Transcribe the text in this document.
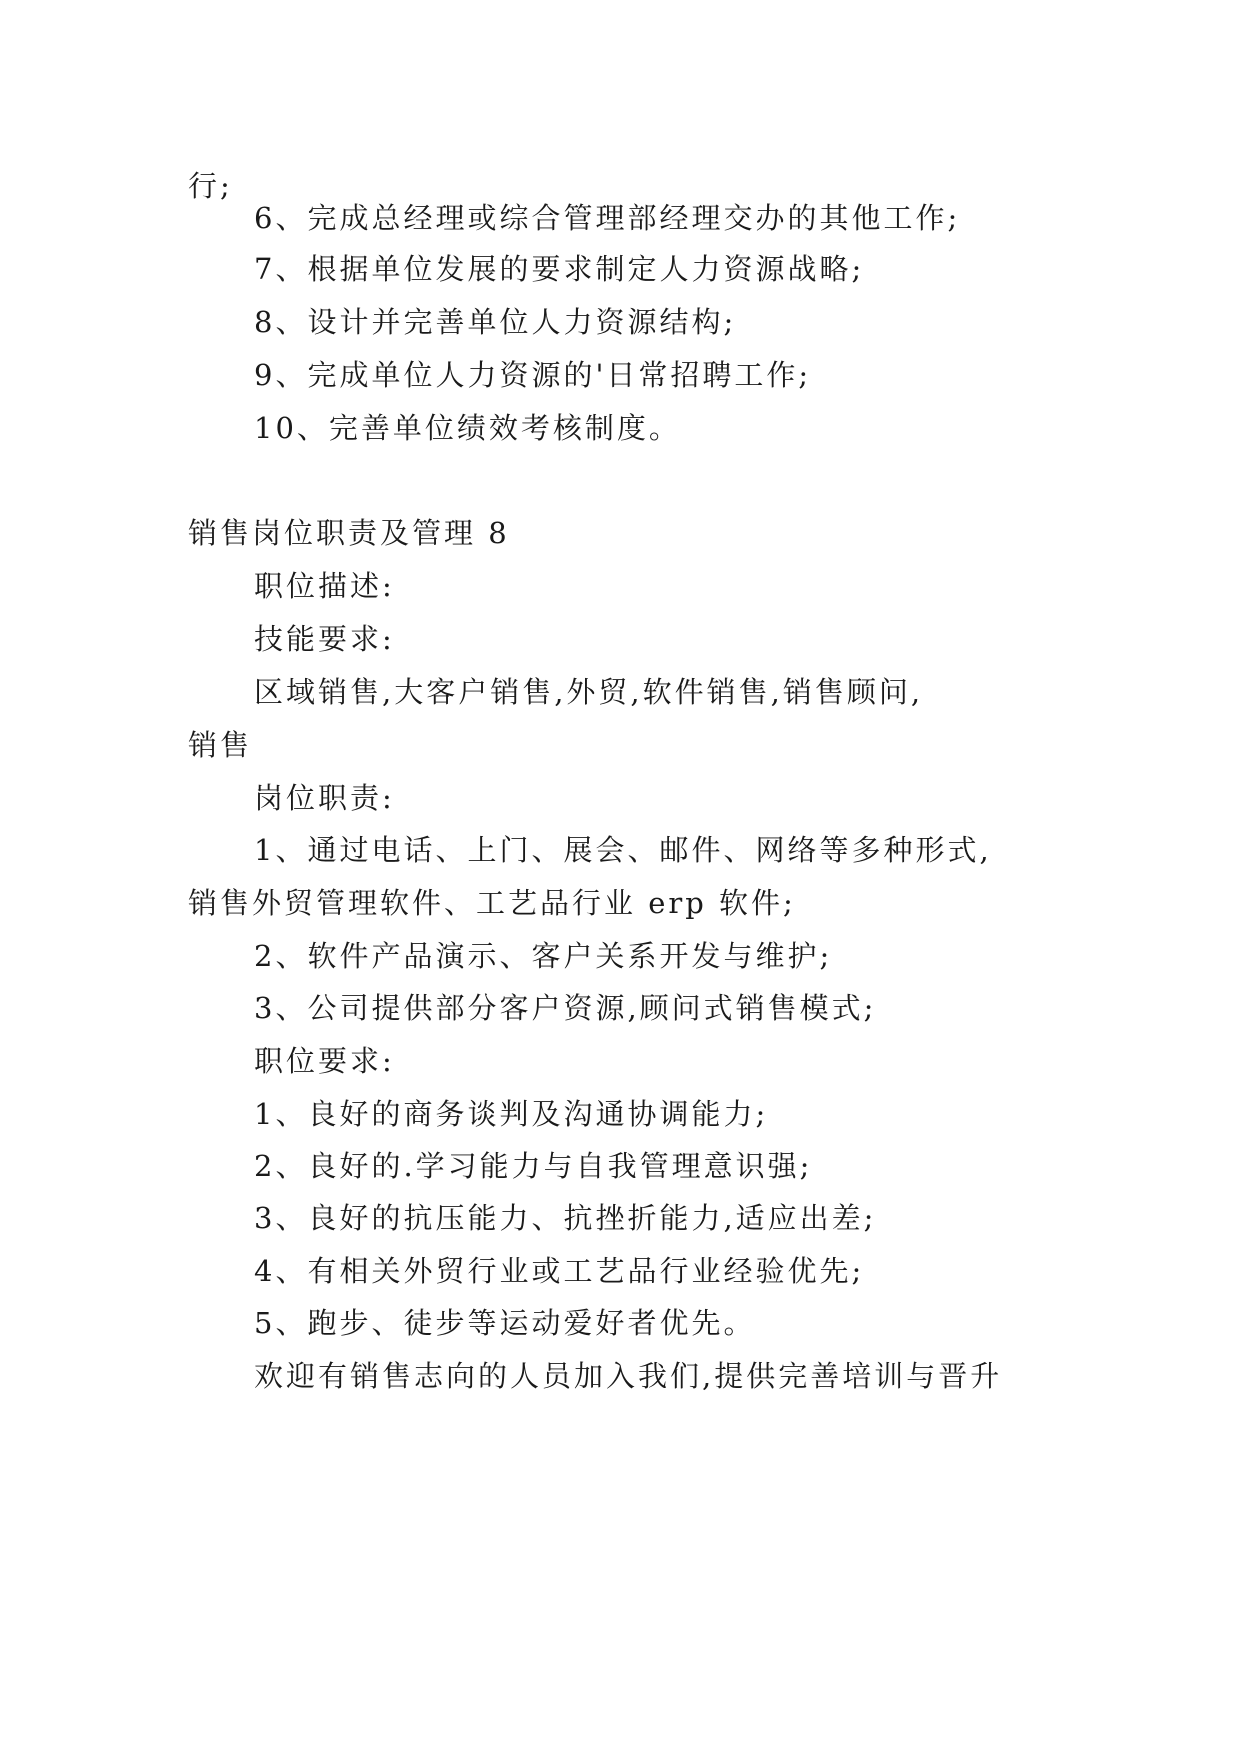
行;
6、完成总经理或综合管理部经理交办的其他工作;
7、根据单位发展的要求制定人力资源战略;
8、设计并完善单位人力资源结构;
9、完成单位人力资源的'日常招聘工作;
10、完善单位绩效考核制度。
销售岗位职责及管理 8
职位描述:
技能要求:
区域销售,大客户销售,外贸,软件销售,销售顾问,
销售
岗位职责:
1、通过电话、上门、展会、邮件、网络等多种形式,
销售外贸管理软件、工艺品行业 erp 软件;
2、软件产品演示、客户关系开发与维护;
3、公司提供部分客户资源,顾问式销售模式;
职位要求:
1、良好的商务谈判及沟通协调能力;
2、良好的.学习能力与自我管理意识强;
3、良好的抗压能力、抗挫折能力,适应出差;
4、有相关外贸行业或工艺品行业经验优先;
5、跑步、徒步等运动爱好者优先。
欢迎有销售志向的人员加入我们,提供完善培训与晋升
